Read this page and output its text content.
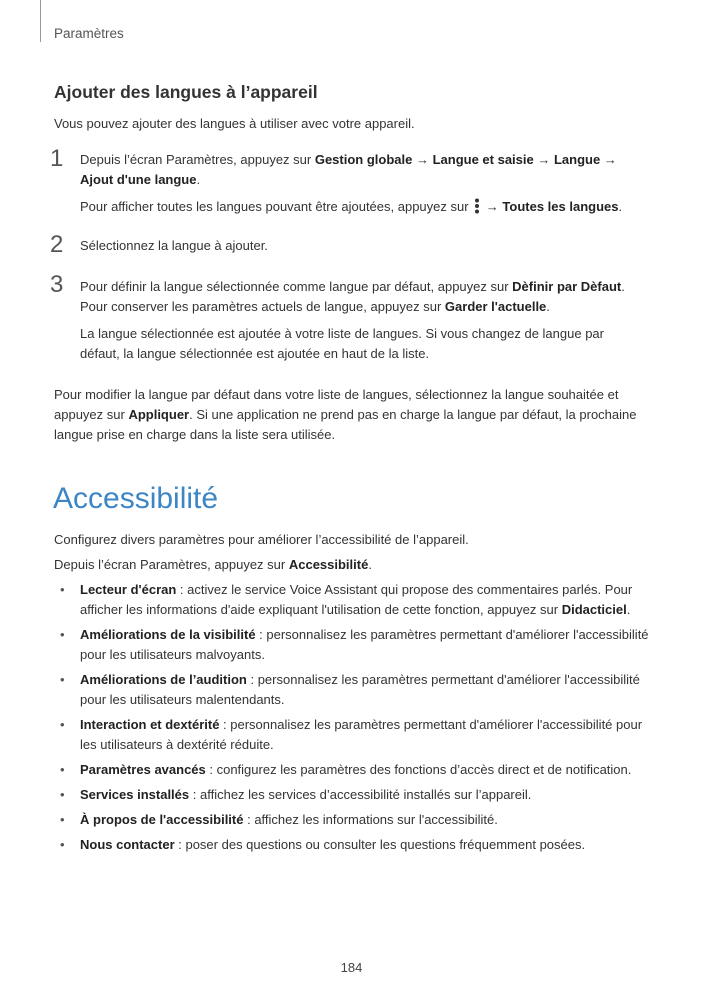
Paramètres
Ajouter des langues à l’appareil
Vous pouvez ajouter des langues à utiliser avec votre appareil.
1 Depuis l’écran Paramètres, appuyez sur Gestion globale → Langue et saisie → Langue →
Ajout d'une langue.
Pour afficher toutes les langues pouvant être ajoutées, appuyez sur  → Toutes les langues.
2 Sélectionnez la langue à ajouter.
3 Pour définir la langue sélectionnée comme langue par défaut, appuyez sur Dèfinir par Dèfaut.
Pour conserver les paramètres actuels de langue, appuyez sur Garder l'actuelle.
La langue sélectionnée est ajoutée à votre liste de langues. Si vous changez de langue par défaut, la langue sélectionnée est ajoutée en haut de la liste.
Pour modifier la langue par défaut dans votre liste de langues, sélectionnez la langue souhaitée et appuyez sur Appliquer. Si une application ne prend pas en charge la langue par défaut, la prochaine langue prise en charge dans la liste sera utilisée.
Accessibilité
Configurez divers paramètres pour améliorer l’accessibilité de l’appareil.
Depuis l’écran Paramètres, appuyez sur Accessibilité.
• Lecteur d'écran : activez le service Voice Assistant qui propose des commentaires parlés. Pour afficher les informations d'aide expliquant l'utilisation de cette fonction, appuyez sur Didacticiel.
• Améliorations de la visibilité : personnalisez les paramètres permettant d'améliorer l'accessibilité pour les utilisateurs malvoyants.
• Améliorations de l’audition : personnalisez les paramètres permettant d'améliorer l'accessibilité pour les utilisateurs malentendants.
• Interaction et dextérité : personnalisez les paramètres permettant d'améliorer l'accessibilité pour les utilisateurs à dextérité réduite.
• Paramètres avancés : configurez les paramètres des fonctions d’accès direct et de notification.
• Services installés : affichez les services d’accessibilité installés sur l’appareil.
• À propos de l'accessibilité : affichez les informations sur l'accessibilité.
• Nous contacter : poser des questions ou consulter les questions fréquemment posées.
184
